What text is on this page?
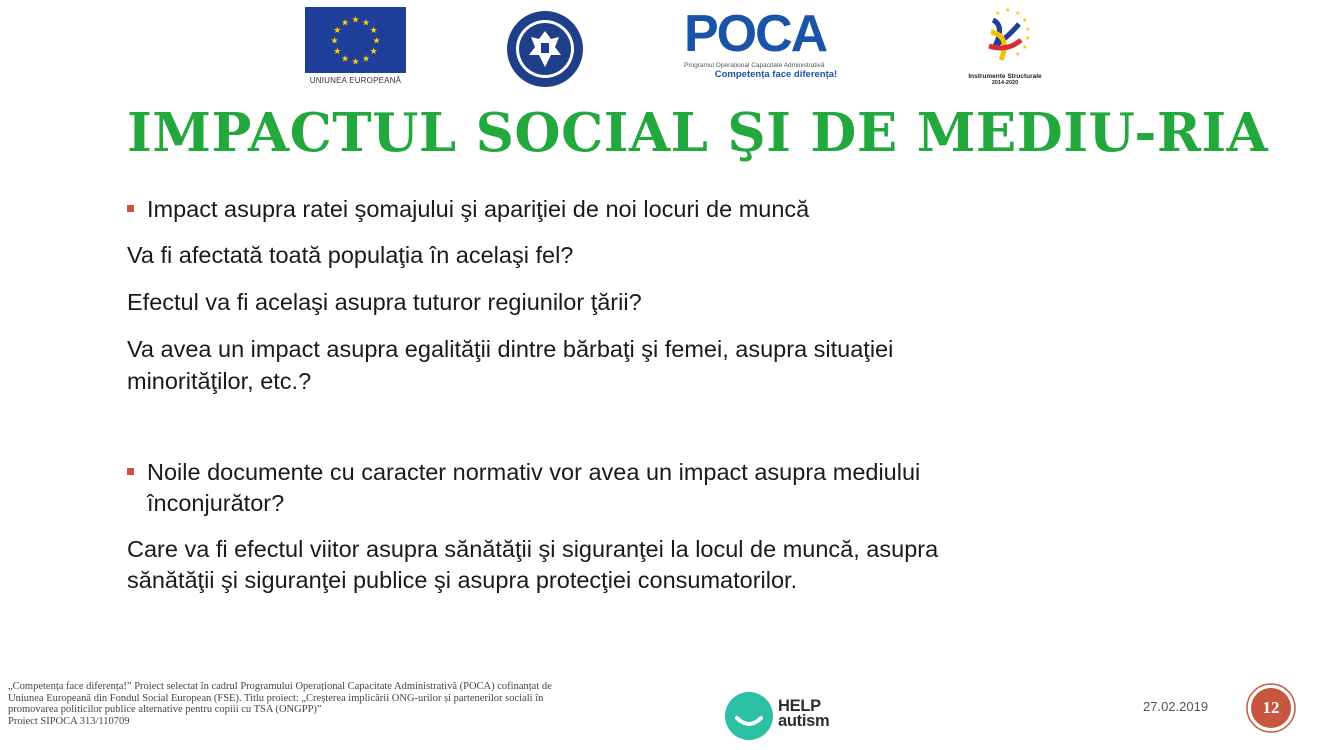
★ ★
★
★
★
★
★
★
★
★
★
★
UNIUNEA EUROPEANĂ
POCA
Programul Operațional Capacitate Administrativă
Competența face diferența!
★ ★
★
★
★
★
★
★
Instrumente Structurale
2014-2020
IMPACTUL SOCIAL ŞI DE MEDIU-RIA
Impact asupra ratei şomajului şi apariţiei de noi locuri de muncă
Va fi afectată toată populaţia în acelaşi fel?
Efectul va fi acelaşi asupra tuturor regiunilor ţării?
Va avea un impact asupra egalităţii dintre bărbaţi şi femei, asupra situaţiei
minorităţilor, etc.?
Noile documente cu caracter normativ vor avea un impact asupra mediului
înconjurător?
Care va fi efectul viitor asupra sănătăţii şi siguranţei la locul de muncă, asupra
sănătăţii şi siguranţei publice şi asupra protecţiei consumatorilor.
„Competența face diferența!” Proiect selectat în cadrul Programului Operațional Capacitate Administrativă (POCA) cofinanțat de
Uniunea Europeană din Fondul Social European (FSE). Titlu proiect: „Creșterea implicării ONG-urilor și partenerilor sociali în
promovarea politicilor publice alternative pentru copiii cu TSA (ONGPP)”
Proiect SIPOCA 313/110709
HELP
autism
27.02.2019	12
